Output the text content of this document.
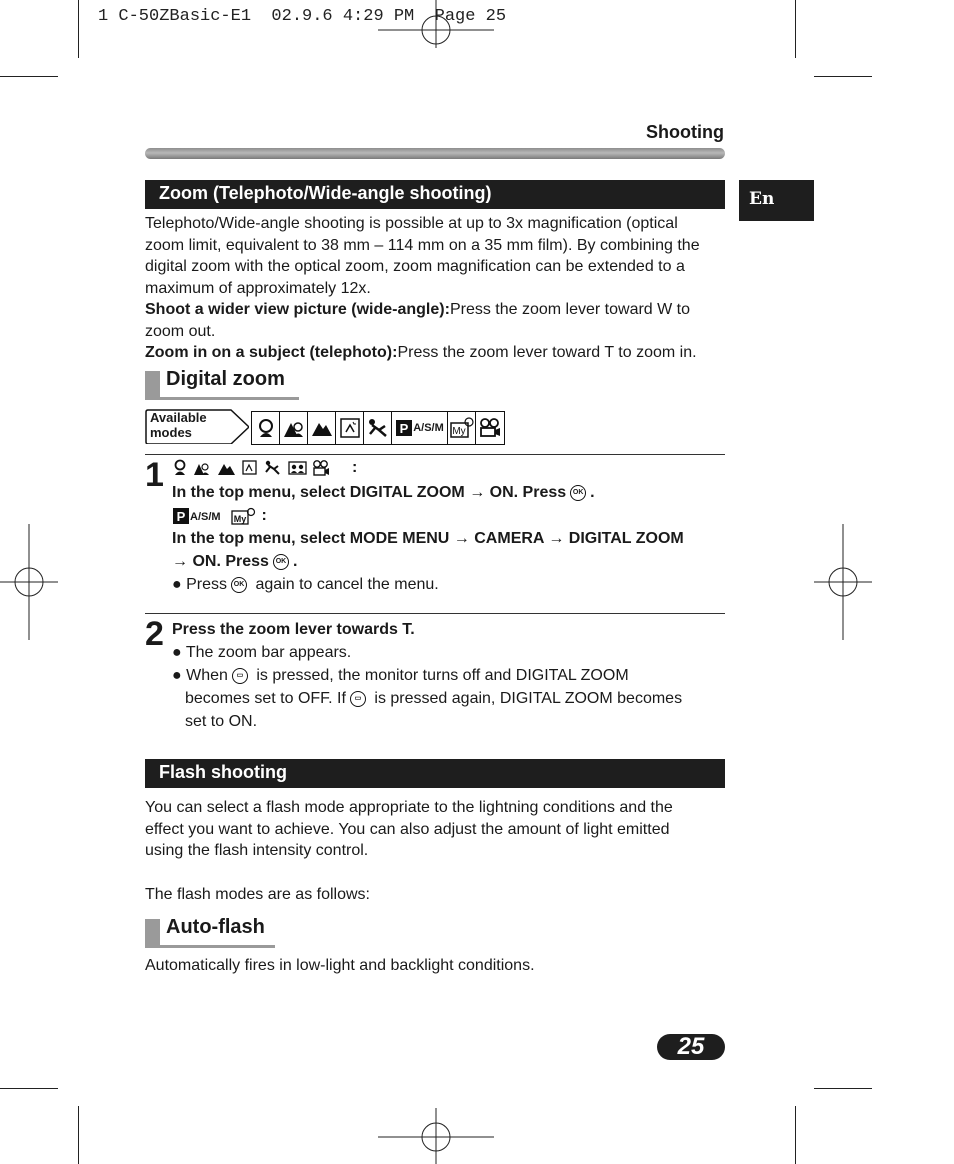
1 C-50ZBasic-E1  02.9.6 4:29 PM  Page 25
Shooting
En
Zoom (Telephoto/Wide-angle shooting)
Telephoto/Wide-angle shooting is possible at up to 3x magnification (optical
zoom limit, equivalent to 38 mm – 114 mm on a 35 mm film). By combining the
digital zoom with the optical zoom, zoom magnification can be extended to a
maximum of approximately 12x.
Shoot a wider view picture (wide-angle):Press the zoom lever toward W to
zoom out.
Zoom in on a subject (telephoto):Press the zoom lever toward T to zoom in.
Digital zoom
Available
modes	P A/S/M My
1	:
In the top menu, select DIGITAL ZOOM → ON. Press OK .
P A/S/M My :
In the top menu, select MODE MENU → CAMERA → DIGITAL ZOOM
→ ON. Press OK .
● Press OK again to cancel the menu.
2 Press the zoom lever towards T.
● The zoom bar appears.
● When ▭ is pressed, the monitor turns off and DIGITAL ZOOM
becomes set to OFF. If ▭ is pressed again, DIGITAL ZOOM becomes
set to ON.
Flash shooting
You can select a flash mode appropriate to the lightning conditions and the
effect you want to achieve. You can also adjust the amount of light emitted
using the flash intensity control.
The flash modes are as follows:
Auto-flash
Automatically fires in low-light and backlight conditions.
25
